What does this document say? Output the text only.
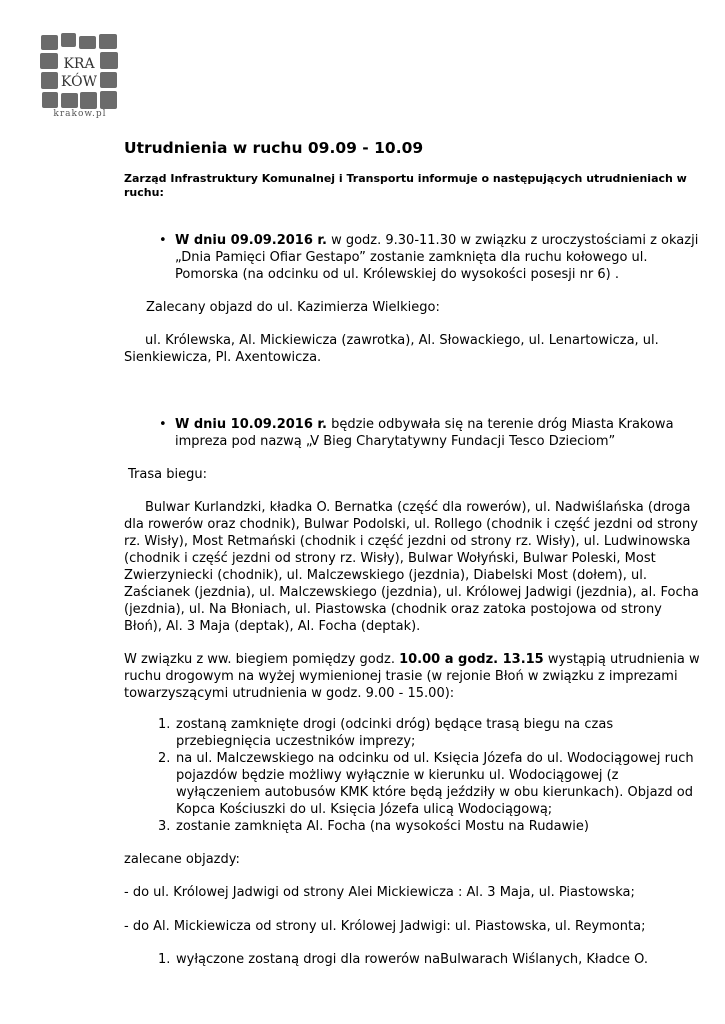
KRA
KÓW
krakow.pl
Utrudnienia w ruchu 09.09 - 10.09
Zarząd Infrastruktury Komunalnej i Transportu informuje o następujących utrudnieniach w ruchu:
• W dniu 09.09.2016 r. w godz. 9.30-11.30 w związku z uroczystościami z okazji „Dnia Pamięci Ofiar Gestapo” zostanie zamknięta dla ruchu kołowego ul. Pomorska (na odcinku od ul. Królewskiej do wysokości posesji nr 6) .
Zalecany objazd do ul. Kazimierza Wielkiego:
ul. Królewska, Al. Mickiewicza (zawrotka), Al. Słowackiego, ul. Lenartowicza, ul. Sienkiewicza, Pl. Axentowicza.
• W dniu 10.09.2016 r. będzie odbywała się na terenie dróg Miasta Krakowa impreza pod nazwą „V Bieg Charytatywny Fundacji Tesco Dzieciom”
Trasa biegu:
Bulwar Kurlandzki, kładka O. Bernatka (część dla rowerów), ul. Nadwiślańska (droga dla rowerów oraz chodnik), Bulwar Podolski, ul. Rollego (chodnik i część jezdni od strony rz. Wisły), Most Retmański (chodnik i część jezdni od strony rz. Wisły), ul. Ludwinowska (chodnik i część jezdni od strony rz. Wisły), Bulwar Wołyński, Bulwar Poleski, Most Zwierzyniecki (chodnik), ul. Malczewskiego (jezdnia), Diabelski Most (dołem), ul. Zaścianek (jezdnia), ul. Malczewskiego (jezdnia), ul. Królowej Jadwigi (jezdnia), al. Focha (jezdnia), ul. Na Błoniach, ul. Piastowska (chodnik oraz zatoka postojowa od strony Błoń), Al. 3 Maja (deptak), Al. Focha (deptak).
W związku z ww. biegiem pomiędzy godz. 10.00 a godz. 13.15 wystąpią utrudnienia w ruchu drogowym na wyżej wymienionej trasie (w rejonie Błoń w związku z imprezami towarzyszącymi utrudnienia w godz. 9.00 - 15.00):
1. zostaną zamknięte drogi (odcinki dróg) będące trasą biegu na czas przebiegnięcia uczestników imprezy;
2. na ul. Malczewskiego na odcinku od ul. Księcia Józefa do ul. Wodociągowej ruch pojazdów będzie możliwy wyłącznie w kierunku ul. Wodociągowej (z wyłączeniem autobusów KMK które będą jeździły w obu kierunkach). Objazd od Kopca Kościuszki do ul. Księcia Józefa ulicą Wodociągową;
3. zostanie zamknięta Al. Focha (na wysokości Mostu na Rudawie)
zalecane objazdy:
- do ul. Królowej Jadwigi od strony Alei Mickiewicza : Al. 3 Maja, ul. Piastowska;
- do Al. Mickiewicza od strony ul. Królowej Jadwigi: ul. Piastowska, ul. Reymonta;
1. wyłączone zostaną drogi dla rowerów naBulwarach Wiślanych, Kładce O.
